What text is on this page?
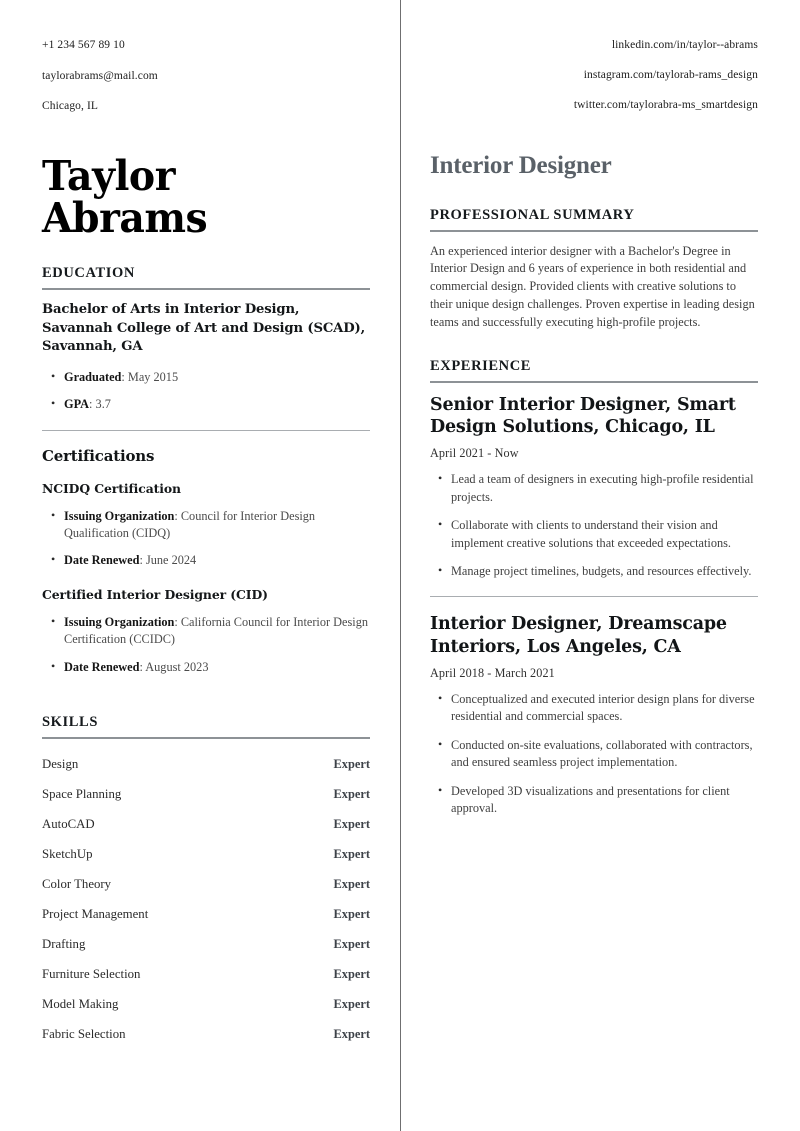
+1 234 567 89 10
taylorabrams@mail.com
Chicago, IL
Taylor
Abrams
EDUCATION
Bachelor of Arts in Interior Design, Savannah College of Art and Design (SCAD), Savannah, GA
• Graduated: May 2015
• GPA: 3.7
Certifications
NCIDQ Certification
• Issuing Organization: Council for Interior Design Qualification (CIDQ)
• Date Renewed: June 2024
Certified Interior Designer (CID)
• Issuing Organization: California Council for Interior Design Certification (CCIDC)
• Date Renewed: August 2023
SKILLS
Design	Expert
Space Planning	Expert
AutoCAD	Expert
SketchUp	Expert
Color Theory	Expert
Project Management	Expert
Drafting	Expert
Furniture Selection	Expert
Model Making	Expert
Fabric Selection	Expert
linkedin.com/in/taylor--abrams
instagram.com/taylorab-rams_design
twitter.com/taylorabra-ms_smartdesign
Interior Designer
PROFESSIONAL SUMMARY
An experienced interior designer with a Bachelor's Degree in Interior Design and 6 years of experience in both residential and commercial design. Provided clients with creative solutions to their unique design challenges. Proven expertise in leading design teams and successfully executing high-profile projects.
EXPERIENCE
Senior Interior Designer, Smart Design Solutions, Chicago, IL
April 2021 - Now
• Lead a team of designers in executing high-profile residential projects.
• Collaborate with clients to understand their vision and implement creative solutions that exceeded expectations.
• Manage project timelines, budgets, and resources effectively.
Interior Designer, Dreamscape Interiors, Los Angeles, CA
April 2018 - March 2021
• Conceptualized and executed interior design plans for diverse residential and commercial spaces.
• Conducted on-site evaluations, collaborated with contractors, and ensured seamless project implementation.
• Developed 3D visualizations and presentations for client approval.
